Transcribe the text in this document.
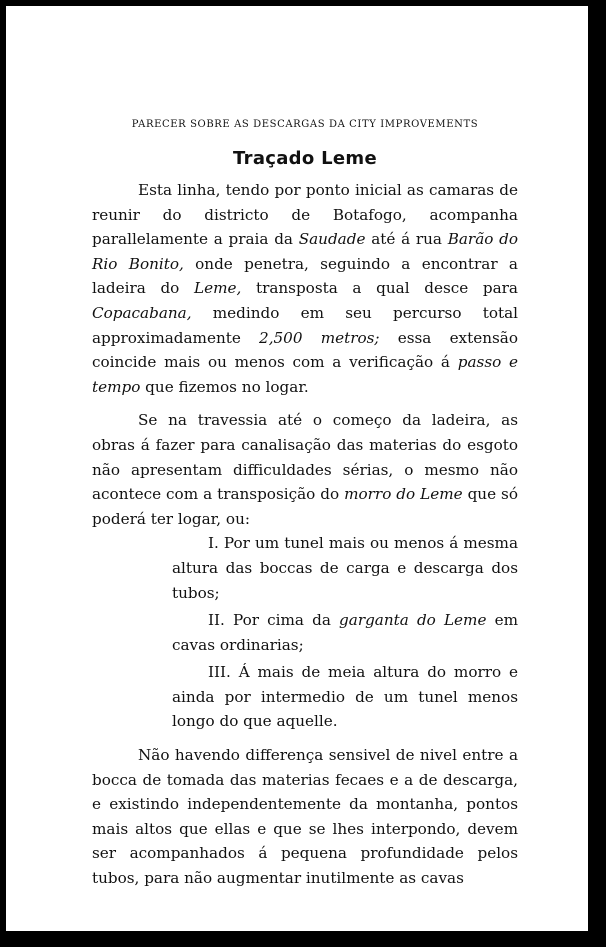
PARECER SOBRE AS DESCARGAS DA CITY IMPROVEMENTS
Traçado Leme

Esta linha, tendo por ponto inicial as camaras de reunir do districto de Botafogo, acompanha parallelamente a praia da Saudade até á rua Barão do Rio Bonito, onde penetra, seguindo a encontrar a ladeira do Leme, transposta a qual desce para Copacabana, medindo em seu percurso total approximadamente 2,500 metros; essa extensão coincide mais ou menos com a verificação á passo e tempo que fizemos no logar.

Se na travessia até o começo da ladeira, as obras á fazer para canalisação das materias do esgoto não apresentam difficuldades sérias, o mesmo não acontece com a transposição do morro do Leme que só poderá ter logar, ou:

I. Por um tunel mais ou menos á mesma altura das boccas de carga e descarga dos tubos;

II. Por cima da garganta do Leme em cavas ordinarias;

III. Á mais de meia altura do morro e ainda por intermedio de um tunel menos longo do que aquelle.

Não havendo differença sensivel de nivel entre a bocca de tomada das materias fecaes e a de descarga, e existindo independentemente da montanha, pontos mais altos que ellas e que se lhes interpondo, devem ser acompanhados á pequena profundidade pelos tubos, para não augmentar inutilmente as cavas
